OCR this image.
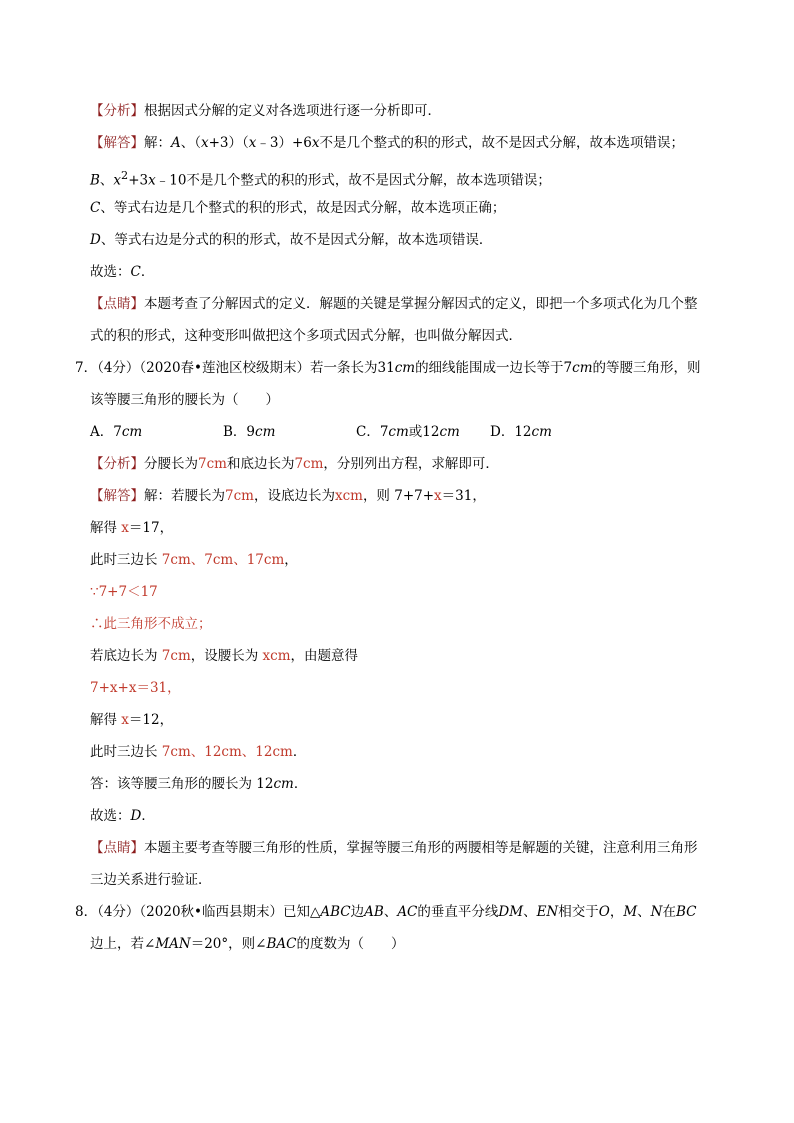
【分析】根据因式分解的定义对各选项进行逐一分析即可．
【解答】解：A、（x+3）（x﹣3）+6x不是几个整式的积的形式，故不是因式分解，故本选项错误；
B、$x^2+3x﹣10$不是几个整式的积的形式，故不是因式分解，故本选项错误；
C、等式右边是几个整式的积的形式，故是因式分解，故本选项正确；
D、等式右边是分式的积的形式，故不是因式分解，故本选项错误．
故选：C．
【点睛】本题考查了分解因式的定义．解题的关键是掌握分解因式的定义，即把一个多项式化为几个整
式的积的形式，这种变形叫做把这个多项式因式分解，也叫做分解因式．
7．（4分）（2020春•莲池区校级期末）若一条长为31cm的细线能围成一边长等于7cm的等腰三角形，则
该等腰三角形的腰长为（　　）
A．7cm	B．9cm	C．7cm或12cm D．12cm
【分析】分腰长为7cm和底边长为7cm，分别列出方程，求解即可．
【解答】解：若腰长为7cm，设底边长为xcm，则 7+7+x＝31，
解得 x＝17，
此时三边长 7cm、7cm、17cm，
∵7+7＜17
∴此三角形不成立；
若底边长为 7cm，设腰长为 xcm，由题意得
7+x+x＝31，
解得 x＝12，
此时三边长 7cm、12cm、12cm．
答：该等腰三角形的腰长为 12cm．
故选：D．
【点睛】本题主要考查等腰三角形的性质，掌握等腰三角形的两腰相等是解题的关键，注意利用三角形
三边关系进行验证．
8．（4分）（2020秋•临西县期末）已知△ABC边AB、AC的垂直平分线DM、EN相交于O，M、N在BC
边上，若∠MAN＝20°，则∠BAC的度数为（　　）
